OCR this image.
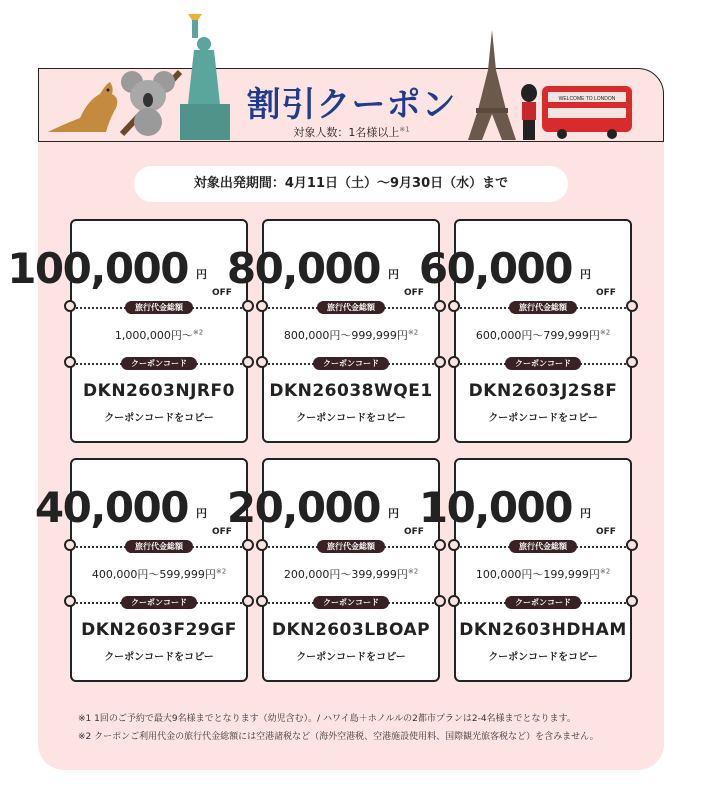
WELCOME TO LONDON
割引クーポン
対象人数：1名様以上$^{※1}$
対象出発期間：4月11日（土）〜9月30日（水）まで
100,000 円
OFF
旅行代金総額
1,000,000円〜$^{※2}$
クーポンコード
DKN2603NJRF0
クーポンコードをコピー
80,000 円
OFF
旅行代金総額
800,000円〜999,999円$^{※2}$
クーポンコード
DKN26038WQE1
クーポンコードをコピー
60,000 円
OFF
旅行代金総額
600,000円〜799,999円$^{※2}$
クーポンコード
DKN2603J2S8F
クーポンコードをコピー
40,000 円
OFF
旅行代金総額
400,000円〜599,999円$^{※2}$
クーポンコード
DKN2603F29GF
クーポンコードをコピー
20,000 円
OFF
旅行代金総額
200,000円〜399,999円$^{※2}$
クーポンコード
DKN2603LBOAP
クーポンコードをコピー
10,000 円
OFF
旅行代金総額
100,000円〜199,999円$^{※2}$
クーポンコード
DKN2603HDHAM
クーポンコードをコピー
※1 1回のご予約で最大9名様までとなります（幼児含む）。/ ハワイ島＋ホノルルの2都市プランは2-4名様までとなります。
※2 クーポンご利用代金の旅行代金総額には空港諸税など（海外空港税、空港施設使用料、国際観光旅客税など）を含みません。
